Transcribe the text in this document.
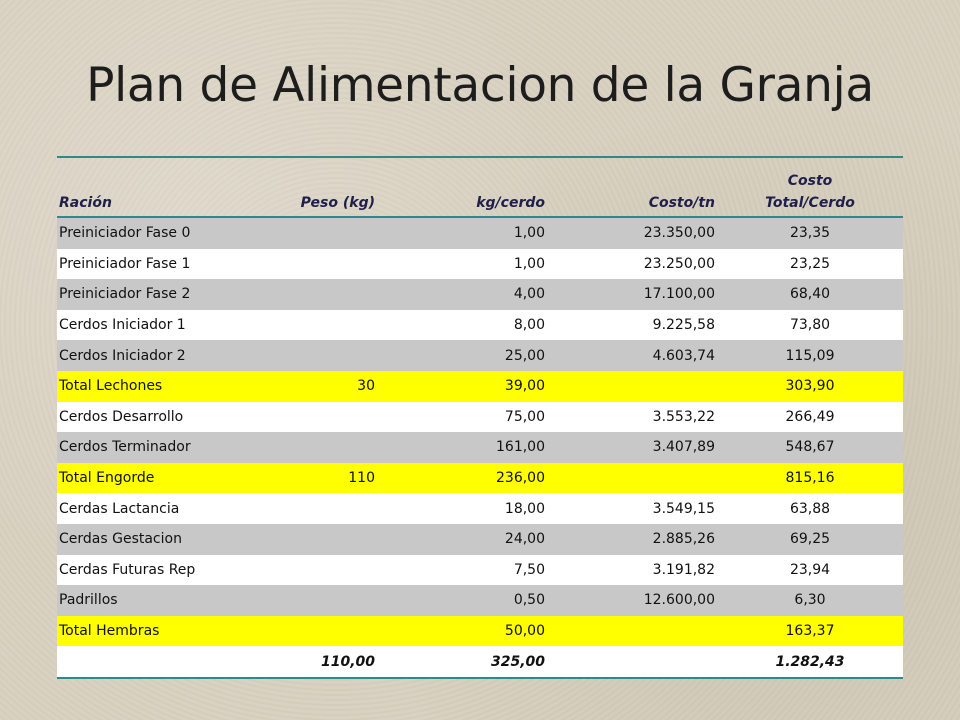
Plan de Alimentacion de la Granja
Ración	Peso (kg)	kg/cerdo	Costo/tn	Costo Total/Cerdo
Preiniciador Fase 0		1,00	23.350,00	23,35
Preiniciador Fase 1		1,00	23.250,00	23,25
Preiniciador Fase 2		4,00	17.100,00	68,40
Cerdos Iniciador 1		8,00	9.225,58	73,80
Cerdos Iniciador 2		25,00	4.603,74	115,09
Total Lechones	30	39,00		303,90
Cerdos Desarrollo		75,00	3.553,22	266,49
Cerdos Terminador		161,00	3.407,89	548,67
Total Engorde	110	236,00		815,16
Cerdas Lactancia		18,00	3.549,15	63,88
Cerdas Gestacion		24,00	2.885,26	69,25
Cerdas Futuras Rep		7,50	3.191,82	23,94
Padrillos		0,50	12.600,00	6,30
Total Hembras		50,00		163,37
	110,00	325,00		1.282,43
